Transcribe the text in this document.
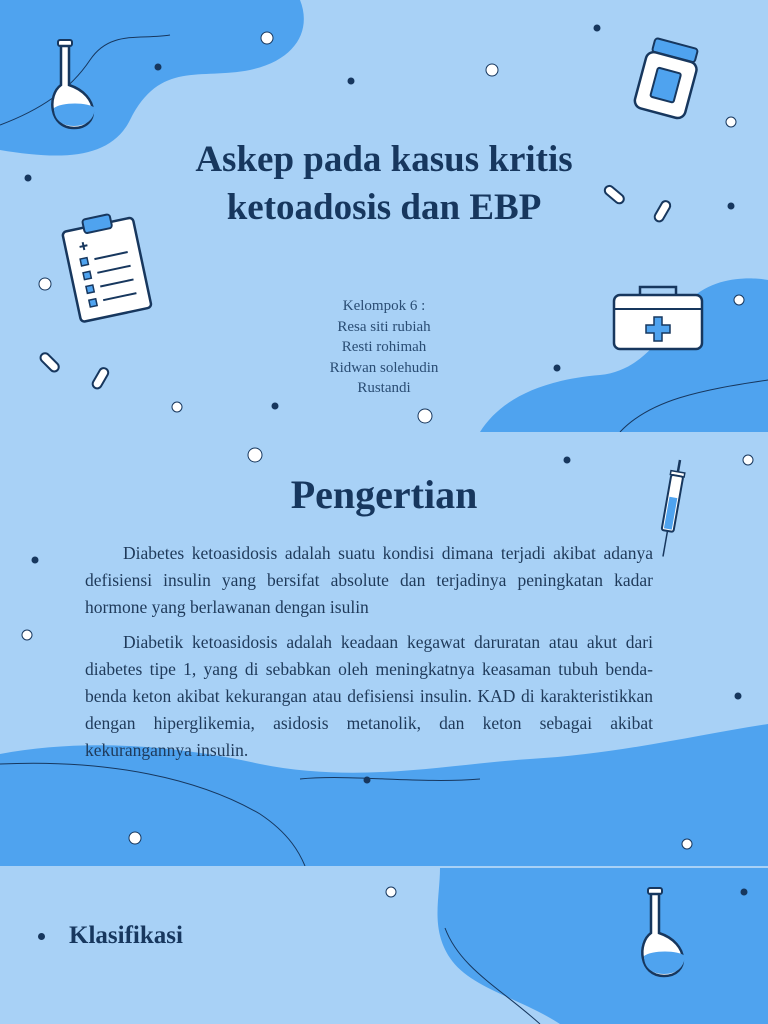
Askep pada kasus kritis
ketoadosis dan EBP
Kelompok 6 :
Resa siti rubiah
Resti rohimah
Ridwan solehudin
Rustandi
Pengertian

Diabetes ketoasidosis adalah suatu kondisi dimana terjadi akibat adanya defisiensi insulin yang bersifat absolute dan terjadinya peningkatan kadar hormone yang berlawanan dengan isulin

Diabetik ketoasidosis adalah keadaan kegawat daruratan atau akut dari diabetes tipe 1, yang di sebabkan oleh meningkatnya keasaman tubuh benda-benda keton akibat kekurangan atau defisiensi insulin. KAD di karakteristikkan dengan hiperglikemia, asidosis metanolik, dan keton sebagai akibat kekurangannya insulin.

Klasifikasi
